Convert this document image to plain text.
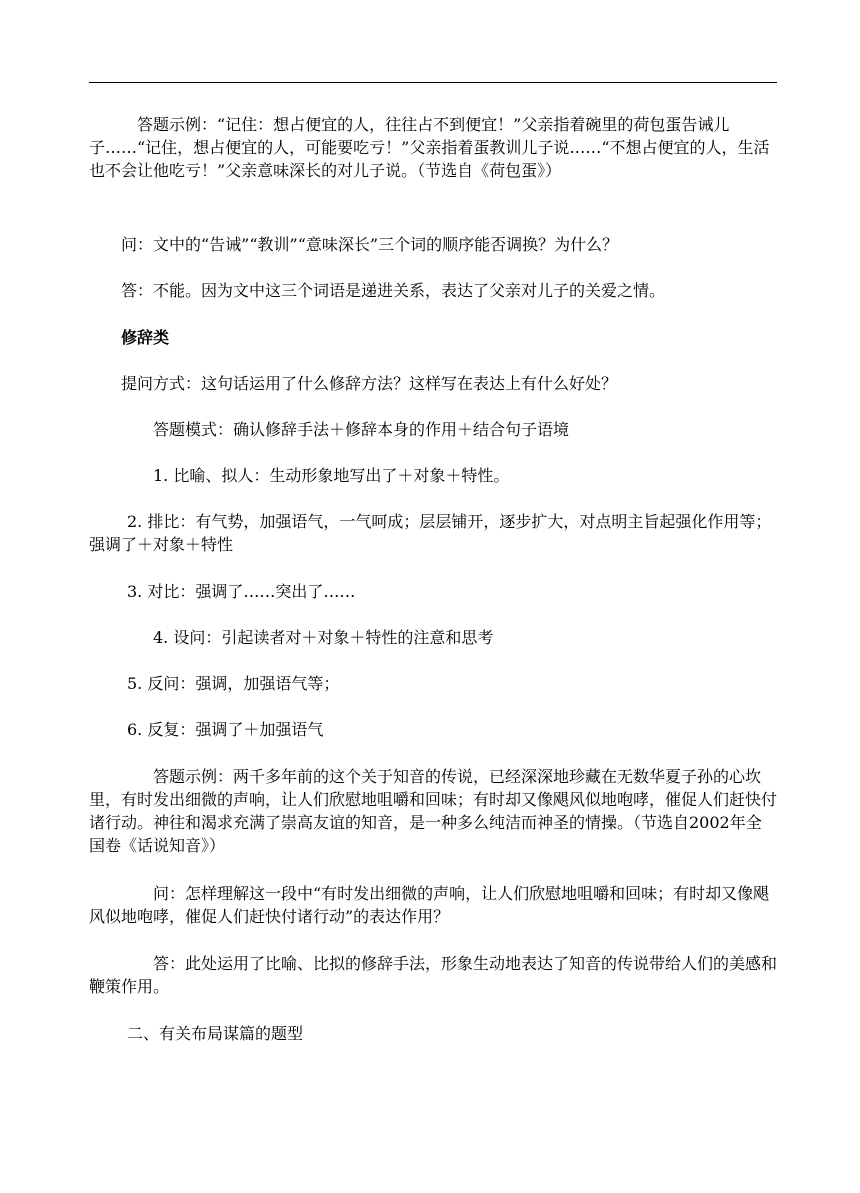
　　答题示例：“记住：想占便宜的人，往往占不到便宜！”父亲指着碗里的荷包蛋告诫儿子……“记住，想占便宜的人，可能要吃亏！”父亲指着蛋教训儿子说……“不想占便宜的人，生活也不会让他吃亏！”父亲意味深长的对儿子说。（节选自《荷包蛋》）

问：文中的“告诫”“教训”“意味深长”三个词的顺序能否调换？为什么？

答：不能。因为文中这三个词语是递进关系，表达了父亲对儿子的关爱之情。

修辞类

提问方式：这句话运用了什么修辞方法？这样写在表达上有什么好处？

答题模式：确认修辞手法＋修辞本身的作用＋结合句子语境

1. 比喻、拟人：生动形象地写出了＋对象＋特性。

2. 排比：有气势，加强语气，一气呵成；层层铺开，逐步扩大，对点明主旨起强化作用等；强调了＋对象＋特性

3. 对比：强调了……突出了……

4. 设问：引起读者对＋对象＋特性的注意和思考

5. 反问：强调，加强语气等；

6. 反复：强调了＋加强语气

答题示例：两千多年前的这个关于知音的传说，已经深深地珍藏在无数华夏子孙的心坎里，有时发出细微的声响，让人们欣慰地咀嚼和回味；有时却又像飓风似地咆哮，催促人们赶快付诸行动。神往和渴求充满了崇高友谊的知音，是一种多么纯洁而神圣的情操。（节选自2002年全国卷《话说知音》）

问：怎样理解这一段中“有时发出细微的声响，让人们欣慰地咀嚼和回味；有时却又像飓风似地咆哮，催促人们赶快付诸行动”的表达作用？

答：此处运用了比喻、比拟的修辞手法，形象生动地表达了知音的传说带给人们的美感和鞭策作用。

二、有关布局谋篇的题型
